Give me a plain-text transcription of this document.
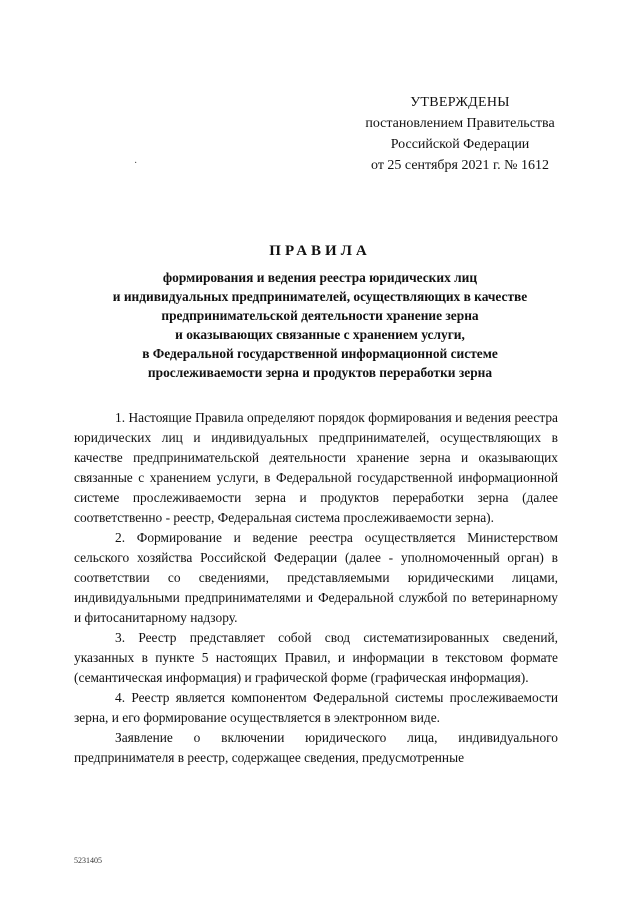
УТВЕРЖДЕНЫ
постановлением Правительства
Российской Федерации
от 25 сентября 2021 г. № 1612
·
ПРАВИЛА
формирования и ведения реестра юридических лиц
и индивидуальных предпринимателей, осуществляющих в качестве
предпринимательской деятельности хранение зерна
и оказывающих связанные с хранением услуги,
в Федеральной государственной информационной системе
прослеживаемости зерна и продуктов переработки зерна

1. Настоящие Правила определяют порядок формирования и ведения реестра юридических лиц и индивидуальных предпринимателей, осуществляющих в качестве предпринимательской деятельности хранение зерна и оказывающих связанные с хранением услуги, в Федеральной государственной информационной системе прослеживаемости зерна и продуктов переработки зерна (далее соответственно - реестр, Федеральная система прослеживаемости зерна).

2. Формирование и ведение реестра осуществляется Министерством сельского хозяйства Российской Федерации (далее - уполномоченный орган) в соответствии со сведениями, представляемыми юридическими лицами, индивидуальными предпринимателями и Федеральной службой по ветеринарному и фитосанитарному надзору.

3. Реестр представляет собой свод систематизированных сведений, указанных в пункте 5 настоящих Правил, и информации в текстовом формате (семантическая информация) и графической форме (графическая информация).

4. Реестр является компонентом Федеральной системы прослеживаемости зерна, и его формирование осуществляется в электронном виде.

Заявление о включении юридического лица, индивидуального предпринимателя в реестр, содержащее сведения, предусмотренные

5231405
